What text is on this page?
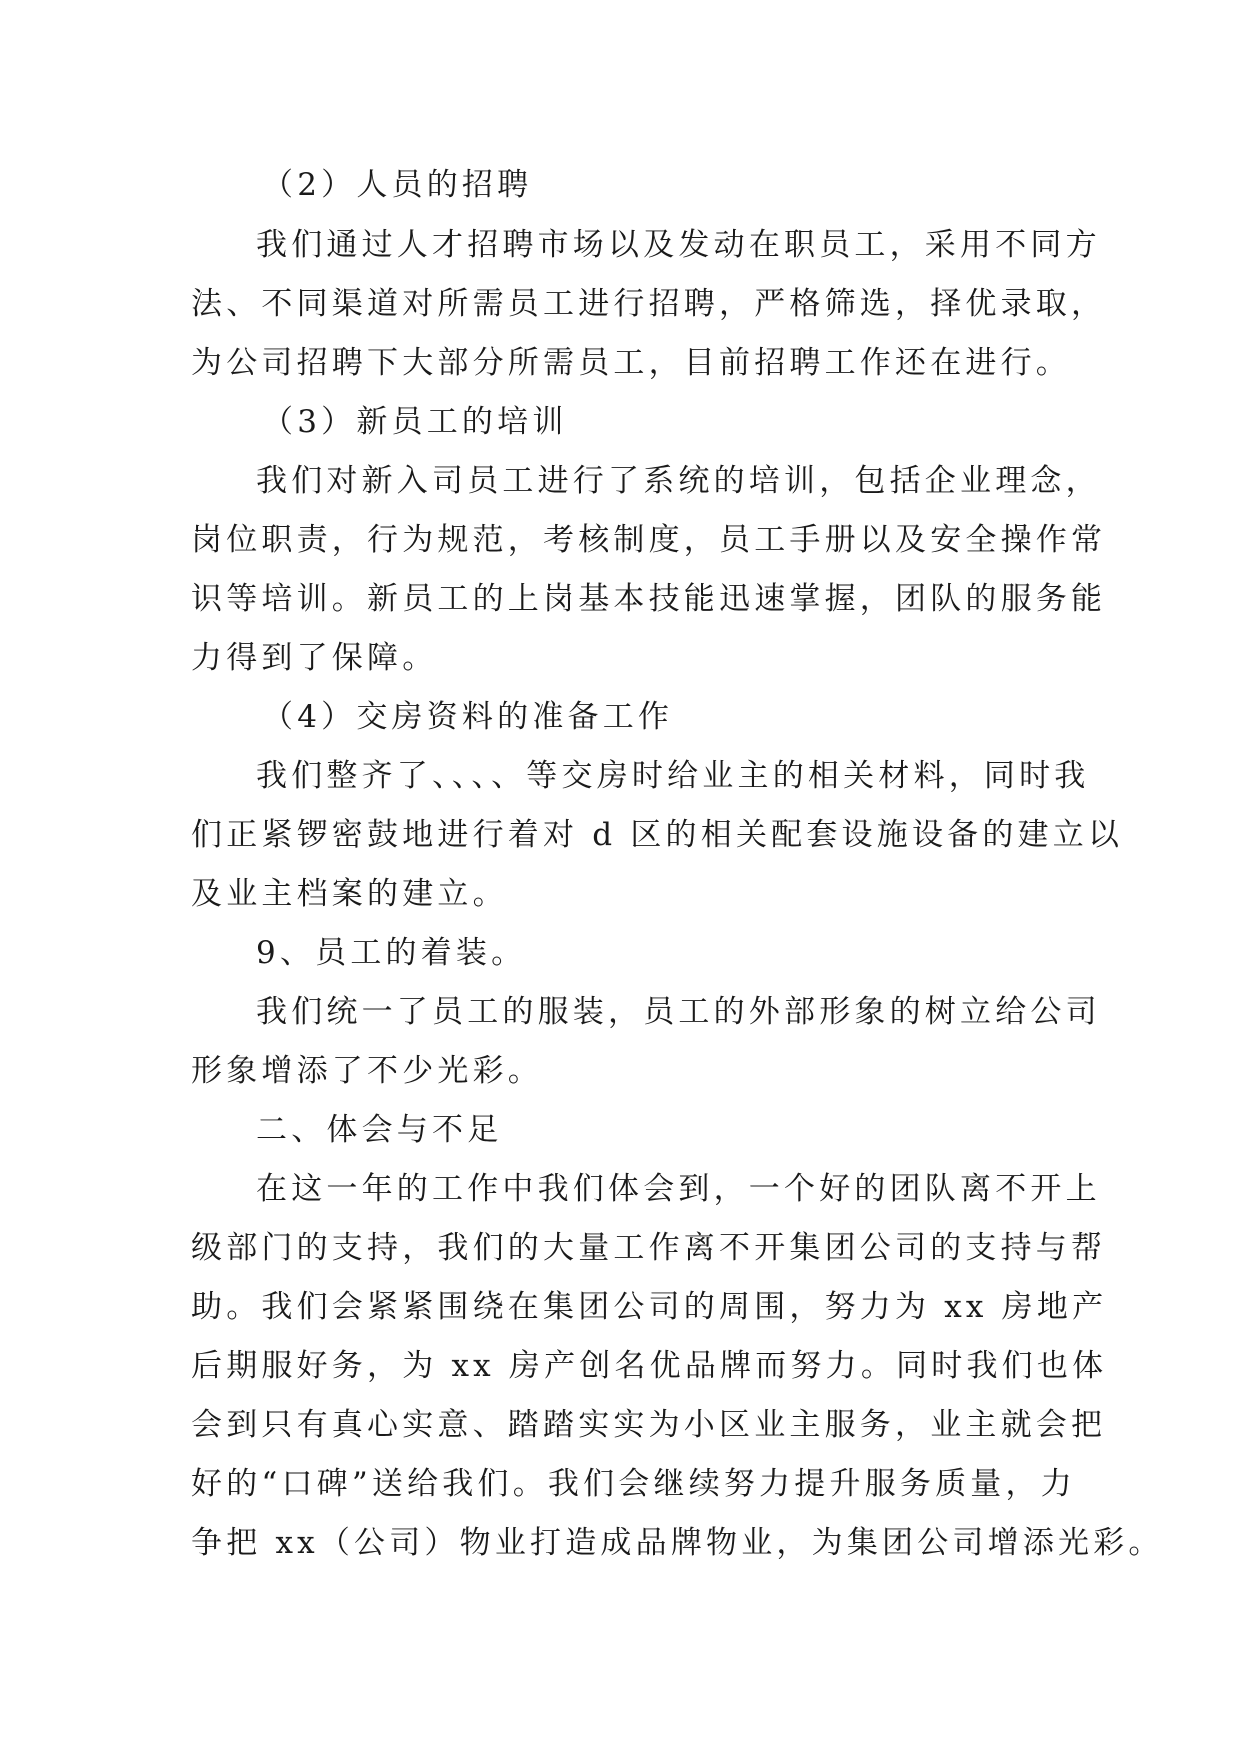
（2）人员的招聘
我们通过人才招聘市场以及发动在职员工，采用不同方
法、不同渠道对所需员工进行招聘，严格筛选，择优录取，
为公司招聘下大部分所需员工，目前招聘工作还在进行。
（3）新员工的培训
我们对新入司员工进行了系统的培训，包括企业理念，
岗位职责，行为规范，考核制度，员工手册以及安全操作常
识等培训。新员工的上岗基本技能迅速掌握，团队的服务能
力得到了保障。
（4）交房资料的准备工作
我们整齐了、、、、等交房时给业主的相关材料，同时我
们正紧锣密鼓地进行着对 d 区的相关配套设施设备的建立以
及业主档案的建立。
9、员工的着装。
我们统一了员工的服装，员工的外部形象的树立给公司
形象增添了不少光彩。
二、体会与不足
在这一年的工作中我们体会到，一个好的团队离不开上
级部门的支持，我们的大量工作离不开集团公司的支持与帮
助。我们会紧紧围绕在集团公司的周围，努力为 xx 房地产
后期服好务，为 xx 房产创名优品牌而努力。同时我们也体
会到只有真心实意、踏踏实实为小区业主服务，业主就会把
好的“口碑”送给我们。我们会继续努力提升服务质量，力
争把 xx（公司）物业打造成品牌物业，为集团公司增添光彩。
